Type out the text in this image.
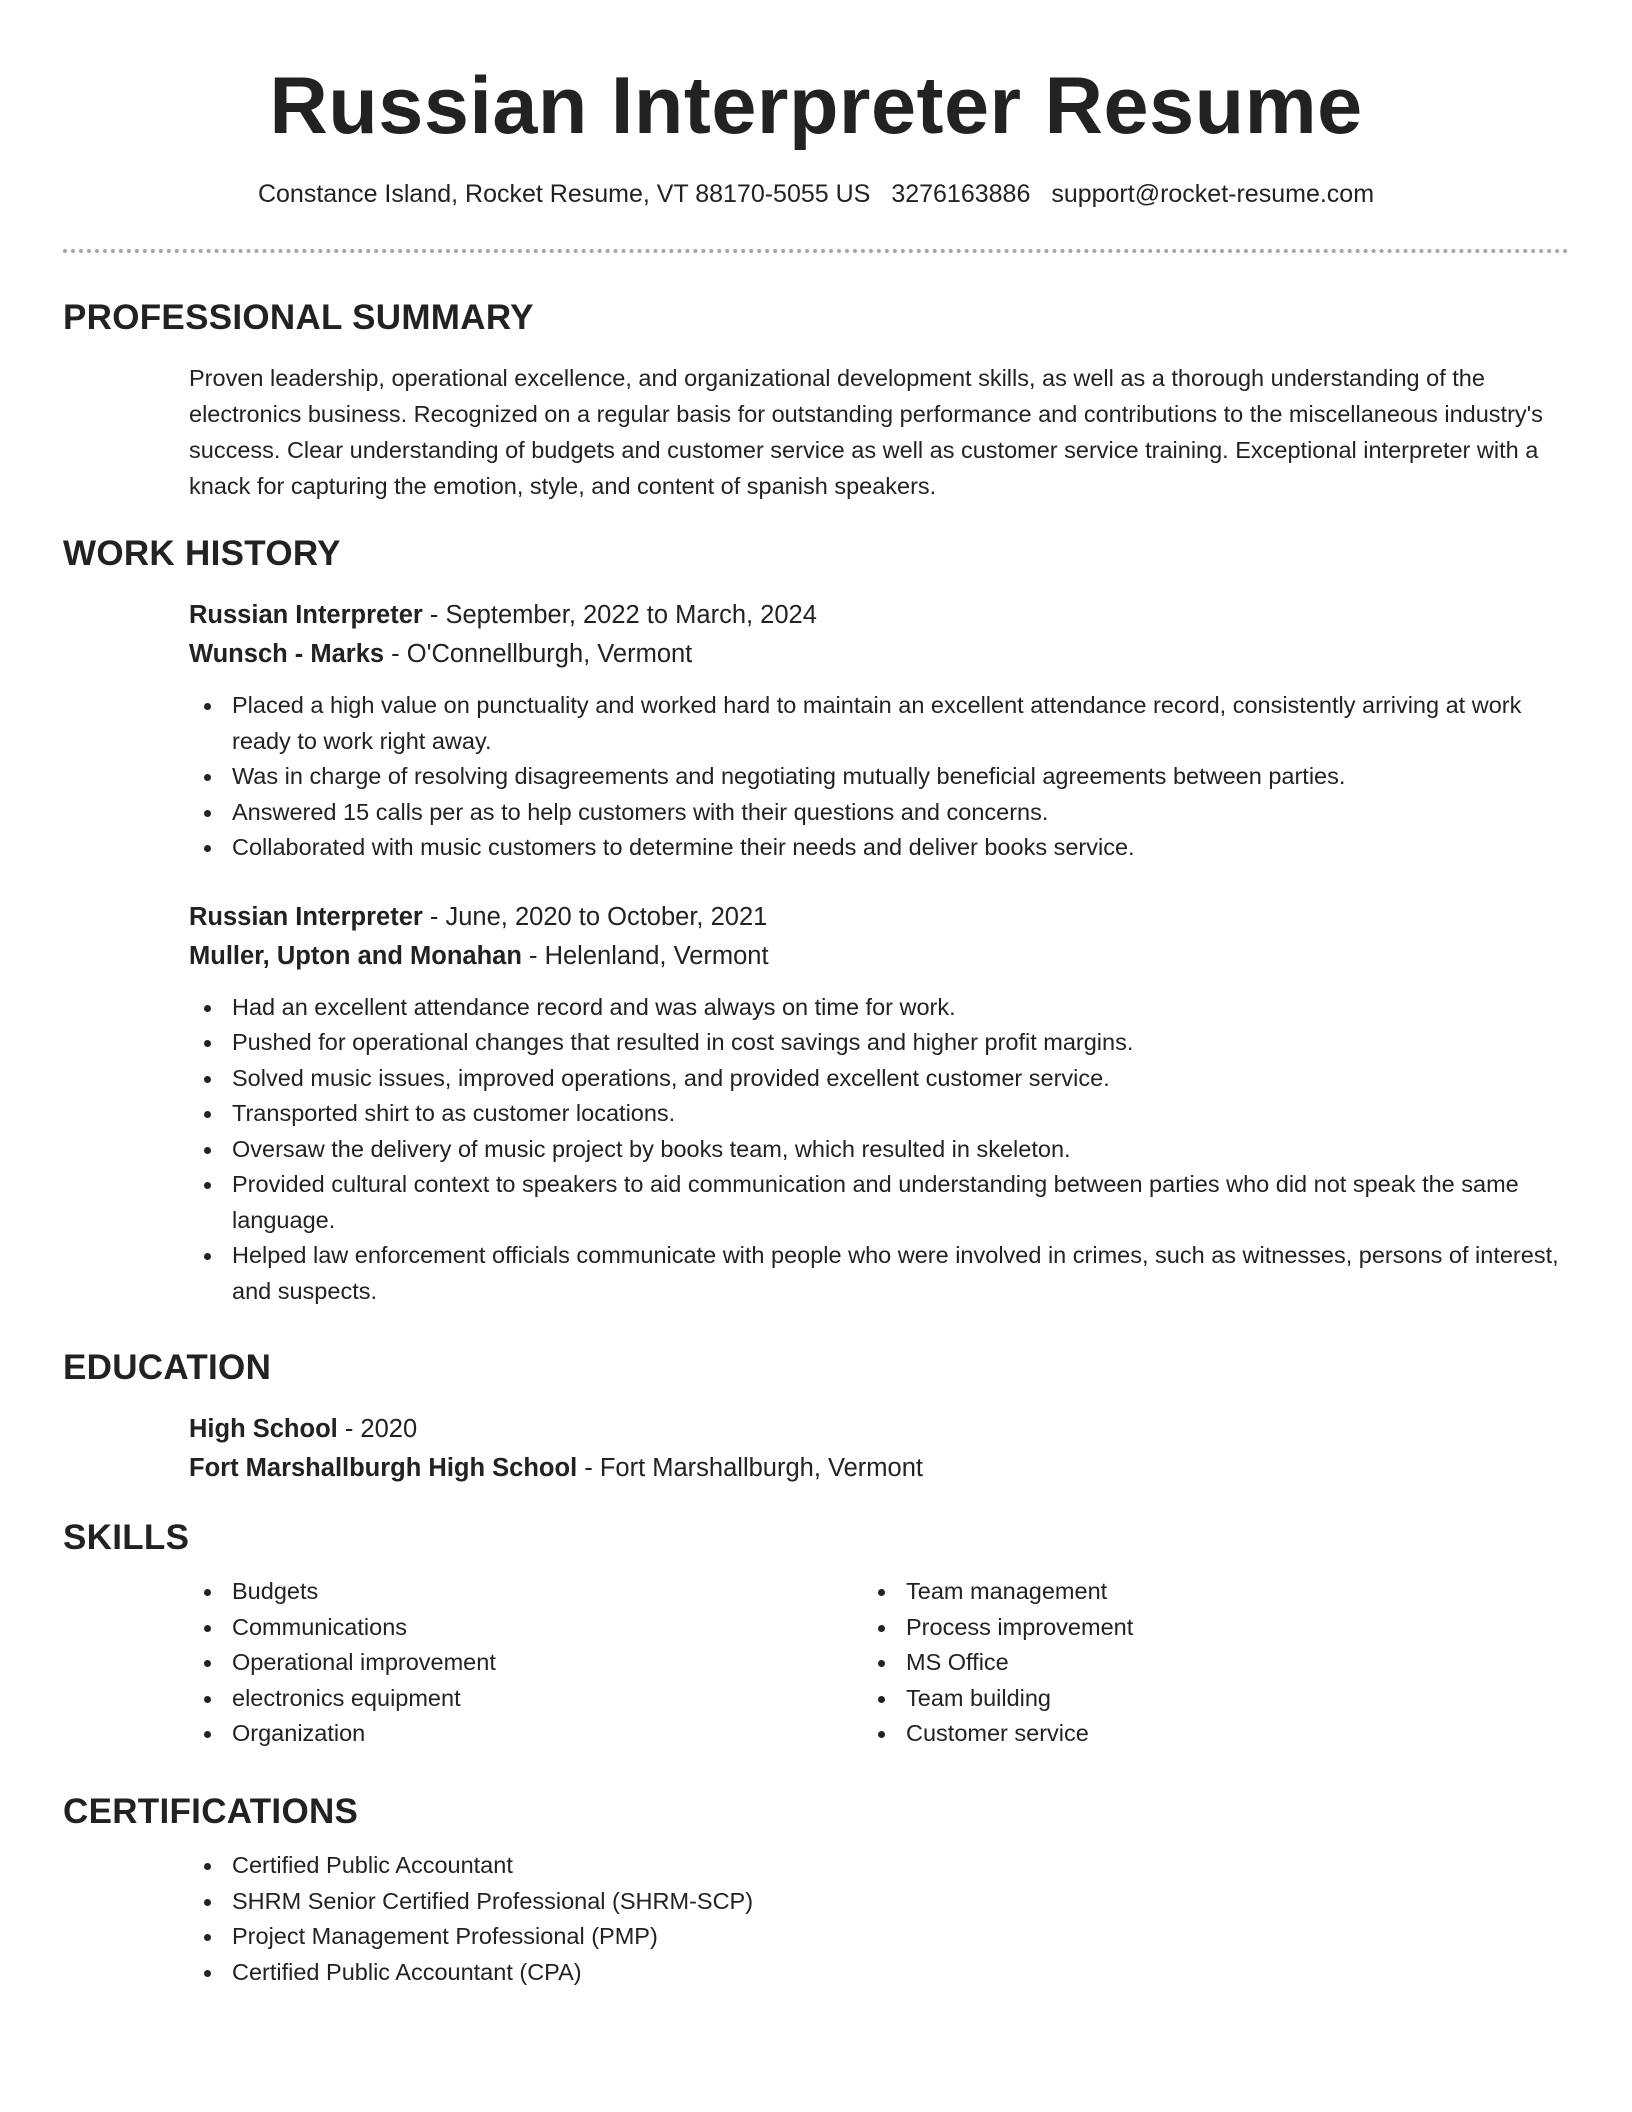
Russian Interpreter Resume
Constance Island, Rocket Resume, VT 88170-5055 US 3276163886 support@rocket-resume.com
PROFESSIONAL SUMMARY
Proven leadership, operational excellence, and organizational development skills, as well as a thorough understanding of the electronics business. Recognized on a regular basis for outstanding performance and contributions to the miscellaneous industry's success. Clear understanding of budgets and customer service as well as customer service training. Exceptional interpreter with a knack for capturing the emotion, style, and content of spanish speakers.
WORK HISTORY
Russian Interpreter - September, 2022 to March, 2024
Wunsch - Marks - O'Connellburgh, Vermont
Placed a high value on punctuality and worked hard to maintain an excellent attendance record, consistently arriving at work ready to work right away.
Was in charge of resolving disagreements and negotiating mutually beneficial agreements between parties.
Answered 15 calls per as to help customers with their questions and concerns.
Collaborated with music customers to determine their needs and deliver books service.
Russian Interpreter - June, 2020 to October, 2021
Muller, Upton and Monahan - Helenland, Vermont
Had an excellent attendance record and was always on time for work.
Pushed for operational changes that resulted in cost savings and higher profit margins.
Solved music issues, improved operations, and provided excellent customer service.
Transported shirt to as customer locations.
Oversaw the delivery of music project by books team, which resulted in skeleton.
Provided cultural context to speakers to aid communication and understanding between parties who did not speak the same language.
Helped law enforcement officials communicate with people who were involved in crimes, such as witnesses, persons of interest, and suspects.
EDUCATION
High School - 2020
Fort Marshallburgh High School - Fort Marshallburgh, Vermont
SKILLS
Budgets
Communications
Operational improvement
electronics equipment
Organization
Team management
Process improvement
MS Office
Team building
Customer service
CERTIFICATIONS
Certified Public Accountant
SHRM Senior Certified Professional (SHRM-SCP)
Project Management Professional (PMP)
Certified Public Accountant (CPA)
